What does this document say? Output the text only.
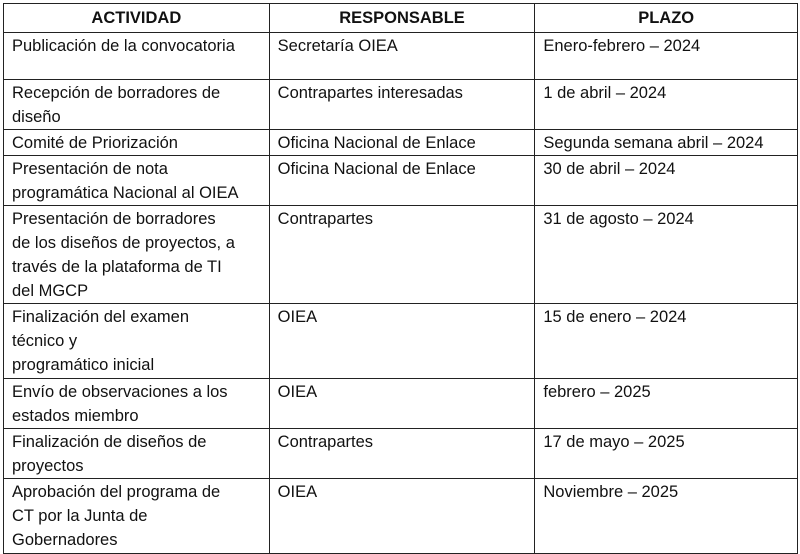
ACTIVIDAD	RESPONSABLE	PLAZO
Publicación de la convocatoria	Secretaría OIEA	Enero-febrero – 2024
Recepción de borradores de
diseño	Contrapartes interesadas	1 de abril – 2024
Comité de Priorización	Oficina Nacional de Enlace	Segunda semana abril – 2024
Presentación de nota
programática Nacional al OIEA	Oficina Nacional de Enlace	30 de abril – 2024
Presentación de borradores
de los diseños de proyectos, a
través de la plataforma de TI
del MGCP	Contrapartes	31 de agosto – 2024
Finalización del examen
técnico y
programático inicial	OIEA	15 de enero – 2024
Envío de observaciones a los
estados miembro	OIEA	febrero – 2025
Finalización de diseños de
proyectos	Contrapartes	17 de mayo – 2025
Aprobación del programa de
CT por la Junta de
Gobernadores	OIEA	Noviembre – 2025
